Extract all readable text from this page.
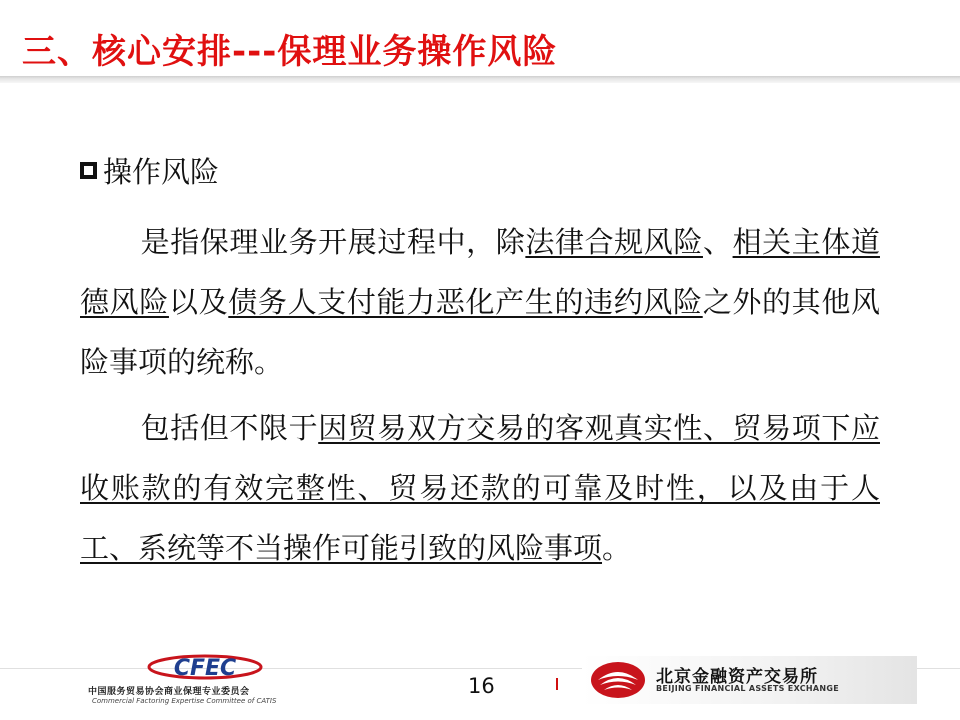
三、核心安排---保理业务操作风险
操作风险
是指保理业务开展过程中，除法律合规风险、相关主体道德风险以及债务人支付能力恶化产生的违约风险之外的其他风险事项的统称。
包括但不限于因贸易双方交易的客观真实性、贸易项下应收账款的有效完整性、贸易还款的可靠及时性，以及由于人工、系统等不当操作可能引致的风险事项。
CFEC
中国服务贸易协会商业保理专业委员会
Commercial Factoring Expertise Committee of CATIS
16	北京金融资产交易所
BEIJING FINANCIAL ASSETS EXCHANGE
